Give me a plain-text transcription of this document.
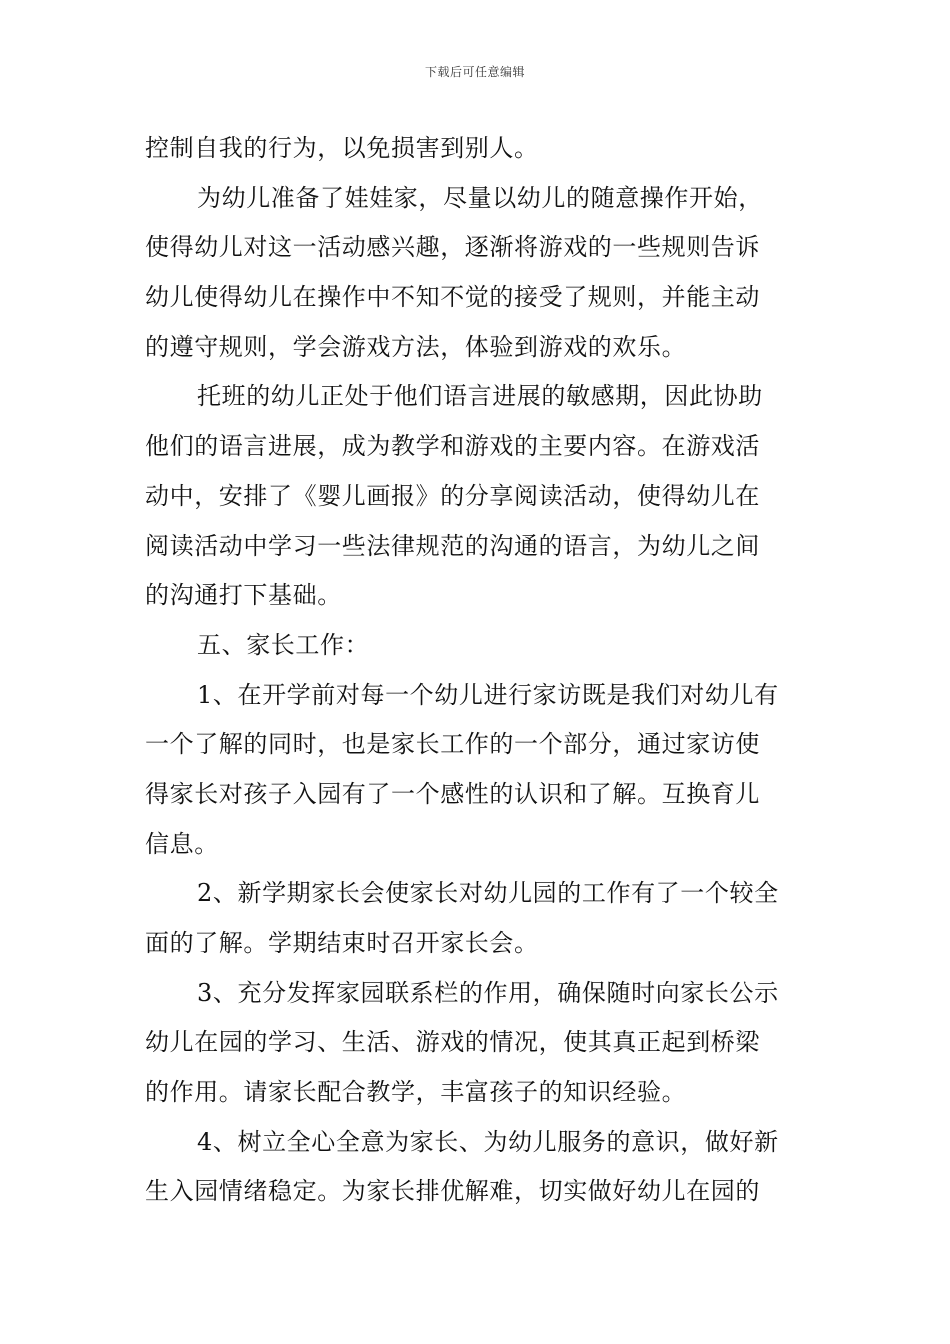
下载后可任意编辑
控制自我的行为，以免损害到别人。
为幼儿准备了娃娃家，尽量以幼儿的随意操作开始，
使得幼儿对这一活动感兴趣，逐渐将游戏的一些规则告诉
幼儿使得幼儿在操作中不知不觉的接受了规则，并能主动
的遵守规则，学会游戏方法，体验到游戏的欢乐。
托班的幼儿正处于他们语言进展的敏感期，因此协助
他们的语言进展，成为教学和游戏的主要内容。在游戏活
动中，安排了《婴儿画报》的分享阅读活动，使得幼儿在
阅读活动中学习一些法律规范的沟通的语言，为幼儿之间
的沟通打下基础。
五、家长工作：
1、在开学前对每一个幼儿进行家访既是我们对幼儿有
一个了解的同时，也是家长工作的一个部分，通过家访使
得家长对孩子入园有了一个感性的认识和了解。互换育儿
信息。
2、新学期家长会使家长对幼儿园的工作有了一个较全
面的了解。学期结束时召开家长会。
3、充分发挥家园联系栏的作用，确保随时向家长公示
幼儿在园的学习、生活、游戏的情况，使其真正起到桥梁
的作用。请家长配合教学，丰富孩子的知识经验。
4、树立全心全意为家长、为幼儿服务的意识，做好新
生入园情绪稳定。为家长排优解难，切实做好幼儿在园的
